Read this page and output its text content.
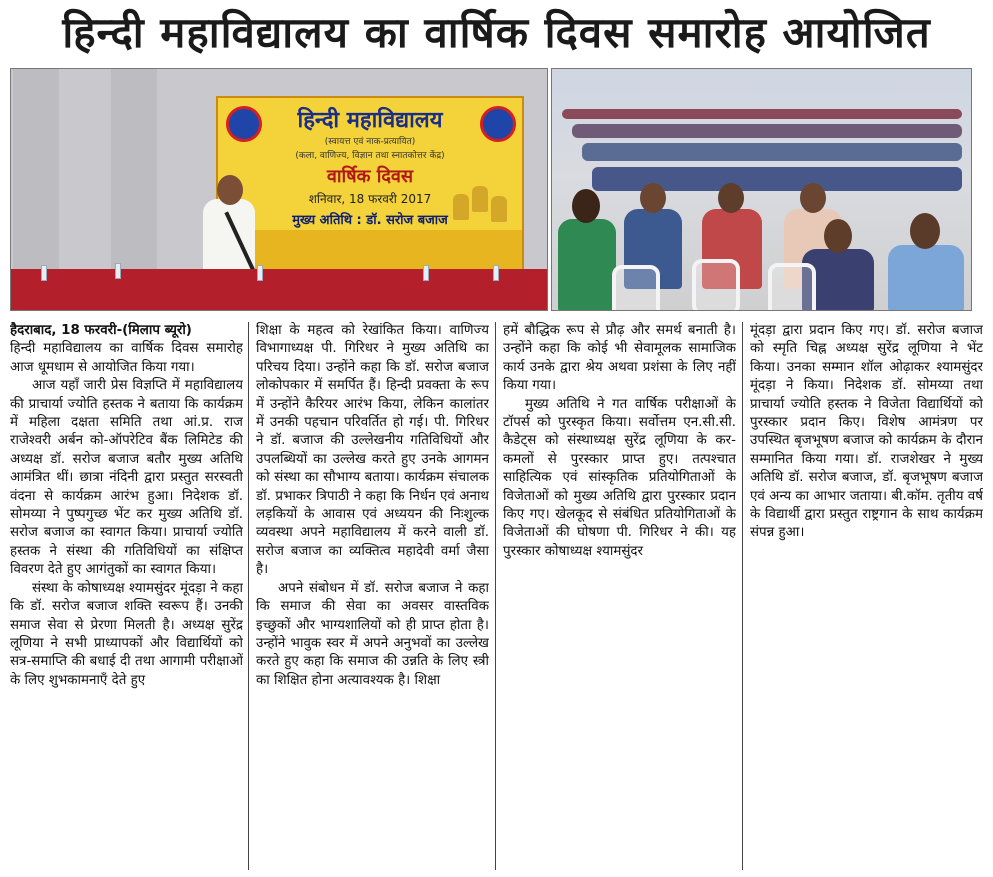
हिन्दी महाविद्यालय का वार्षिक दिवस समारोह आयोजित
हिन्दी महाविद्यालय
(स्वायत्त एवं नाक-प्रत्यायित)
(कला, वाणिज्य, विज्ञान तथा स्नातकोत्तर केंद्र)
वार्षिक दिवस
शनिवार, 18 फरवरी 2017
मुख्य अतिथि : डॉ. सरोज बजाज

हैदराबाद, 18 फरवरी-(मिलाप ब्यूरो)

हिन्दी महाविद्यालय का वार्षिक दिवस समारोह आज धूमधाम से आयोजित किया गया।

आज यहाँ जारी प्रेस विज्ञप्ति में महाविद्यालय की प्राचार्या ज्योति हस्तक ने बताया कि कार्यक्रम में महिला दक्षता समिति तथा आं.प्र. राज राजेश्वरी अर्बन को-ऑपरेटिव बैंक लिमिटेड की अध्यक्ष डॉ. सरोज बजाज बतौर मुख्य अतिथि आमंत्रित थीं। छात्रा नंदिनी द्वारा प्रस्तुत सरस्वती वंदना से कार्यक्रम आरंभ हुआ। निदेशक डॉ. सोमय्या ने पुष्पगुच्छ भेंट कर मुख्य अतिथि डॉ. सरोज बजाज का स्वागत किया। प्राचार्या ज्योति हस्तक ने संस्था की गतिविधियों का संक्षिप्त विवरण देते हुए आगंतुकों का स्वागत किया।

संस्था के कोषाध्यक्ष श्यामसुंदर मूंदड़ा ने कहा कि डॉ. सरोज बजाज शक्ति स्वरूप हैं। उनकी समाज सेवा से प्रेरणा मिलती है। अध्यक्ष सुरेंद्र लूणिया ने सभी प्राध्यापकों और विद्यार्थियों को सत्र-समाप्ति की बधाई दी तथा आगामी परीक्षाओं के लिए शुभकामनाएँ देते हुए

शिक्षा के महत्व को रेखांकित किया। वाणिज्य विभागाध्यक्ष पी. गिरिधर ने मुख्य अतिथि का परिचय दिया। उन्होंने कहा कि डॉ. सरोज बजाज लोकोपकार में समर्पित हैं। हिन्दी प्रवक्ता के रूप में उन्होंने कैरियर आरंभ किया, लेकिन कालांतर में उनकी पहचान परिवर्तित हो गई। पी. गिरिधर ने डॉ. बजाज की उल्लेखनीय गतिविधियों और उपलब्धियों का उल्लेख करते हुए उनके आगमन को संस्था का सौभाग्य बताया। कार्यक्रम संचालक डॉ. प्रभाकर त्रिपाठी ने कहा कि निर्धन एवं अनाथ लड़कियों के आवास एवं अध्ययन की निःशुल्क व्यवस्था अपने महाविद्यालय में करने वाली डॉ. सरोज बजाज का व्यक्तित्व महादेवी वर्मा जैसा है।

अपने संबोधन में डॉ. सरोज बजाज ने कहा कि समाज की सेवा का अवसर वास्तविक इच्छुकों और भाग्यशालियों को ही प्राप्त होता है। उन्होंने भावुक स्वर में अपने अनुभवों का उल्लेख करते हुए कहा कि समाज की उन्नति के लिए स्त्री का शिक्षित होना अत्यावश्यक है। शिक्षा

हमें बौद्धिक रूप से प्रौढ़ और समर्थ बनाती है। उन्होंने कहा कि कोई भी सेवामूलक सामाजिक कार्य उनके द्वारा श्रेय अथवा प्रशंसा के लिए नहीं किया गया।

मुख्य अतिथि ने गत वार्षिक परीक्षाओं के टॉपर्स को पुरस्कृत किया। सर्वोत्तम एन.सी.सी. कैडेट्स को संस्थाध्यक्ष सुरेंद्र लूणिया के कर-कमलों से पुरस्कार प्राप्त हुए। तत्पश्चात साहित्यिक एवं सांस्कृतिक प्रतियोगिताओं के विजेताओं को मुख्य अतिथि द्वारा पुरस्कार प्रदान किए गए। खेलकूद से संबंधित प्रतियोगिताओं के विजेताओं की घोषणा पी. गिरिधर ने की। यह पुरस्कार कोषाध्यक्ष श्यामसुंदर

मूंदड़ा द्वारा प्रदान किए गए। डॉ. सरोज बजाज को स्मृति चिह्न अध्यक्ष सुरेंद्र लूणिया ने भेंट किया। उनका सम्मान शॉल ओढ़ाकर श्यामसुंदर मूंदड़ा ने किया। निदेशक डॉ. सोमय्या तथा प्राचार्या ज्योति हस्तक ने विजेता विद्यार्थियों को पुरस्कार प्रदान किए। विशेष आमंत्रण पर उपस्थित बृजभूषण बजाज को कार्यक्रम के दौरान सम्मानित किया गया। डॉ. राजशेखर ने मुख्य अतिथि डॉ. सरोज बजाज, डॉ. बृजभूषण बजाज एवं अन्य का आभार जताया। बी.कॉम. तृतीय वर्ष के विद्यार्थी द्वारा प्रस्तुत राष्ट्रगान के साथ कार्यक्रम संपन्न हुआ।
